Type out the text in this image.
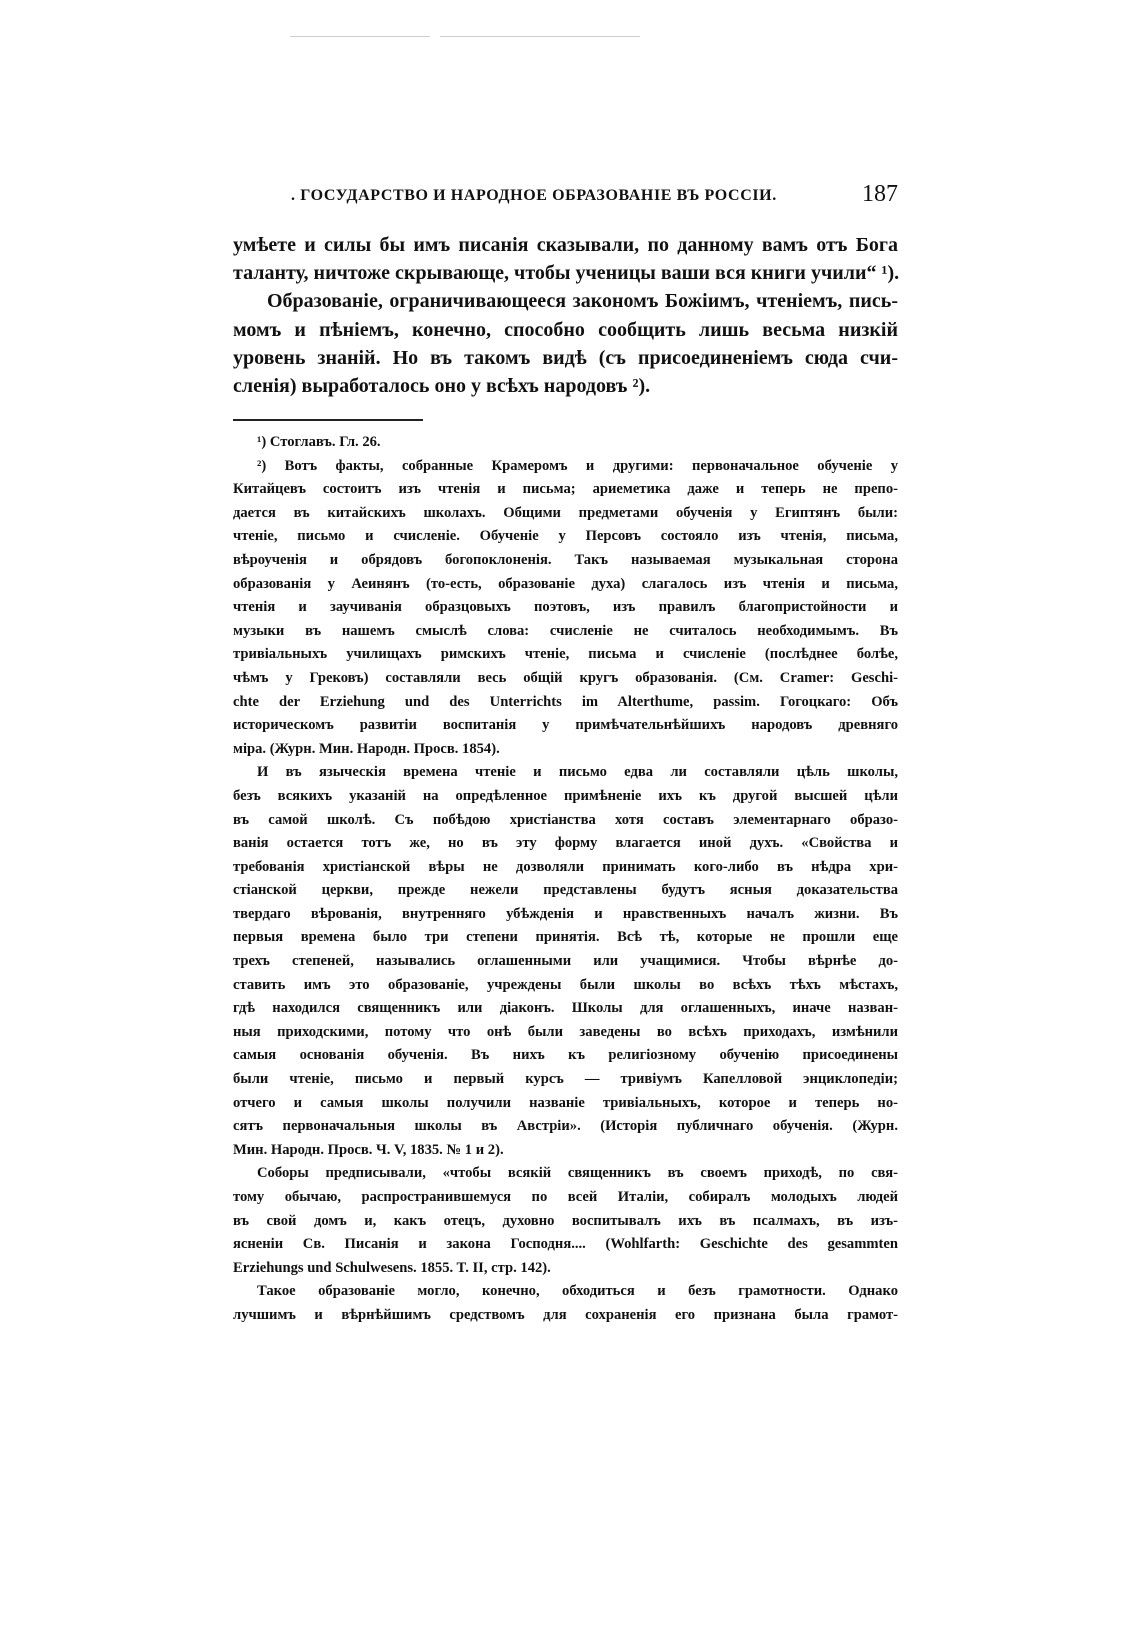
. ГОСУДАРСТВО И НАРОДНОЕ ОБРАЗОВАНІЕ ВЪ РОССІИ.	187
умѣете и силы бы имъ писанія сказывали, по данному вамъ отъ Бога
таланту, ничтоже скрывающе, чтобы ученицы ваши вся книги учили“ ¹).
Образованіе, ограничивающееся закономъ Божіимъ, чтеніемъ, пись-
момъ и пѣніемъ, конечно, способно сообщить лишь весьма низкій
уровень знаній. Но въ такомъ видѣ (съ присоединеніемъ сюда счи-
сленія) выработалось оно у всѣхъ народовъ ²).
¹) Стоглавъ. Гл. 26.
²) Вотъ факты, собранные Крамеромъ и другими: первоначальное обученіе у
Китайцевъ состоитъ изъ чтенія и письма; ариеметика даже и теперь не препо-
дается въ китайскихъ школахъ. Общими предметами обученія у Египтянъ были:
чтеніе, письмо и счисленіе. Обученіе у Персовъ состояло изъ чтенія, письма,
вѣроученія и обрядовъ богопоклоненія. Такъ называемая музыкальная сторона
образованія у Аеинянъ (то-есть, образованіе духа) слагалось изъ чтенія и письма,
чтенія и заучиванія образцовыхъ поэтовъ, изъ правилъ благопристойности и
музыки въ нашемъ смыслѣ слова: счисленіе не считалось необходимымъ. Въ
тривіальныхъ училищахъ римскихъ чтеніе, письма и счисленіе (послѣднее болѣе,
чѣмъ у Грековъ) составляли весь общій кругъ образованія. (См. Cramer: Geschi-
chte der Erziehung und des Unterrichts im Alterthume, passim. Гогоцкаго: Объ
историческомъ развитіи воспитанія у примѣчательнѣйшихъ народовъ древняго
міра. (Журн. Мин. Народн. Просв. 1854).
И въ языческія времена чтеніе и письмо едва ли составляли цѣль школы,
безъ всякихъ указаній на опредѣленное примѣненіе ихъ къ другой высшей цѣли
въ самой школѣ. Съ побѣдою христіанства хотя составъ элементарнаго образо-
ванія остается тотъ же, но въ эту форму влагается иной духъ. «Свойства и
требованія христіанской вѣры не дозволяли принимать кого-либо въ нѣдра хри-
стіанской церкви, прежде нежели представлены будутъ ясныя доказательства
твердаго вѣрованія, внутренняго убѣжденія и нравственныхъ началъ жизни. Въ
первыя времена было три степени принятія. Всѣ тѣ, которые не прошли еще
трехъ степеней, назывались оглашенными или учащимися. Чтобы вѣрнѣе до-
ставить имъ это образованіе, учреждены были школы во всѣхъ тѣхъ мѣстахъ,
гдѣ находился священникъ или діаконъ. Школы для оглашенныхъ, иначе назван-
ныя приходскими, потому что онѣ были заведены во всѣхъ приходахъ, измѣнили
самыя основанія обученія. Въ нихъ къ религіозному обученію присоединены
были чтеніе, письмо и первый курсъ — тривіумъ Капелловой энциклопедіи;
отчего и самыя школы получили названіе тривіальныхъ, которое и теперь но-
сятъ первоначальныя школы въ Австріи». (Исторія публичнаго обученія. (Журн.
Мин. Народн. Просв. Ч. V, 1835. № 1 и 2).
Соборы предписывали, «чтобы всякій священникъ въ своемъ приходѣ, по свя-
тому обычаю, распространившемуся по всей Италіи, собиралъ молодыхъ людей
въ свой домъ и, какъ отецъ, духовно воспитывалъ ихъ въ псалмахъ, въ изъ-
ясненіи Св. Писанія и закона Господня.... (Wohlfarth: Geschichte des gesammten
Erziehungs und Schulwesens. 1855. T. II, стр. 142).
Такое образованіе могло, конечно, обходиться и безъ грамотности. Однако
лучшимъ и вѣрнѣйшимъ средствомъ для сохраненія его признана была грамот-
